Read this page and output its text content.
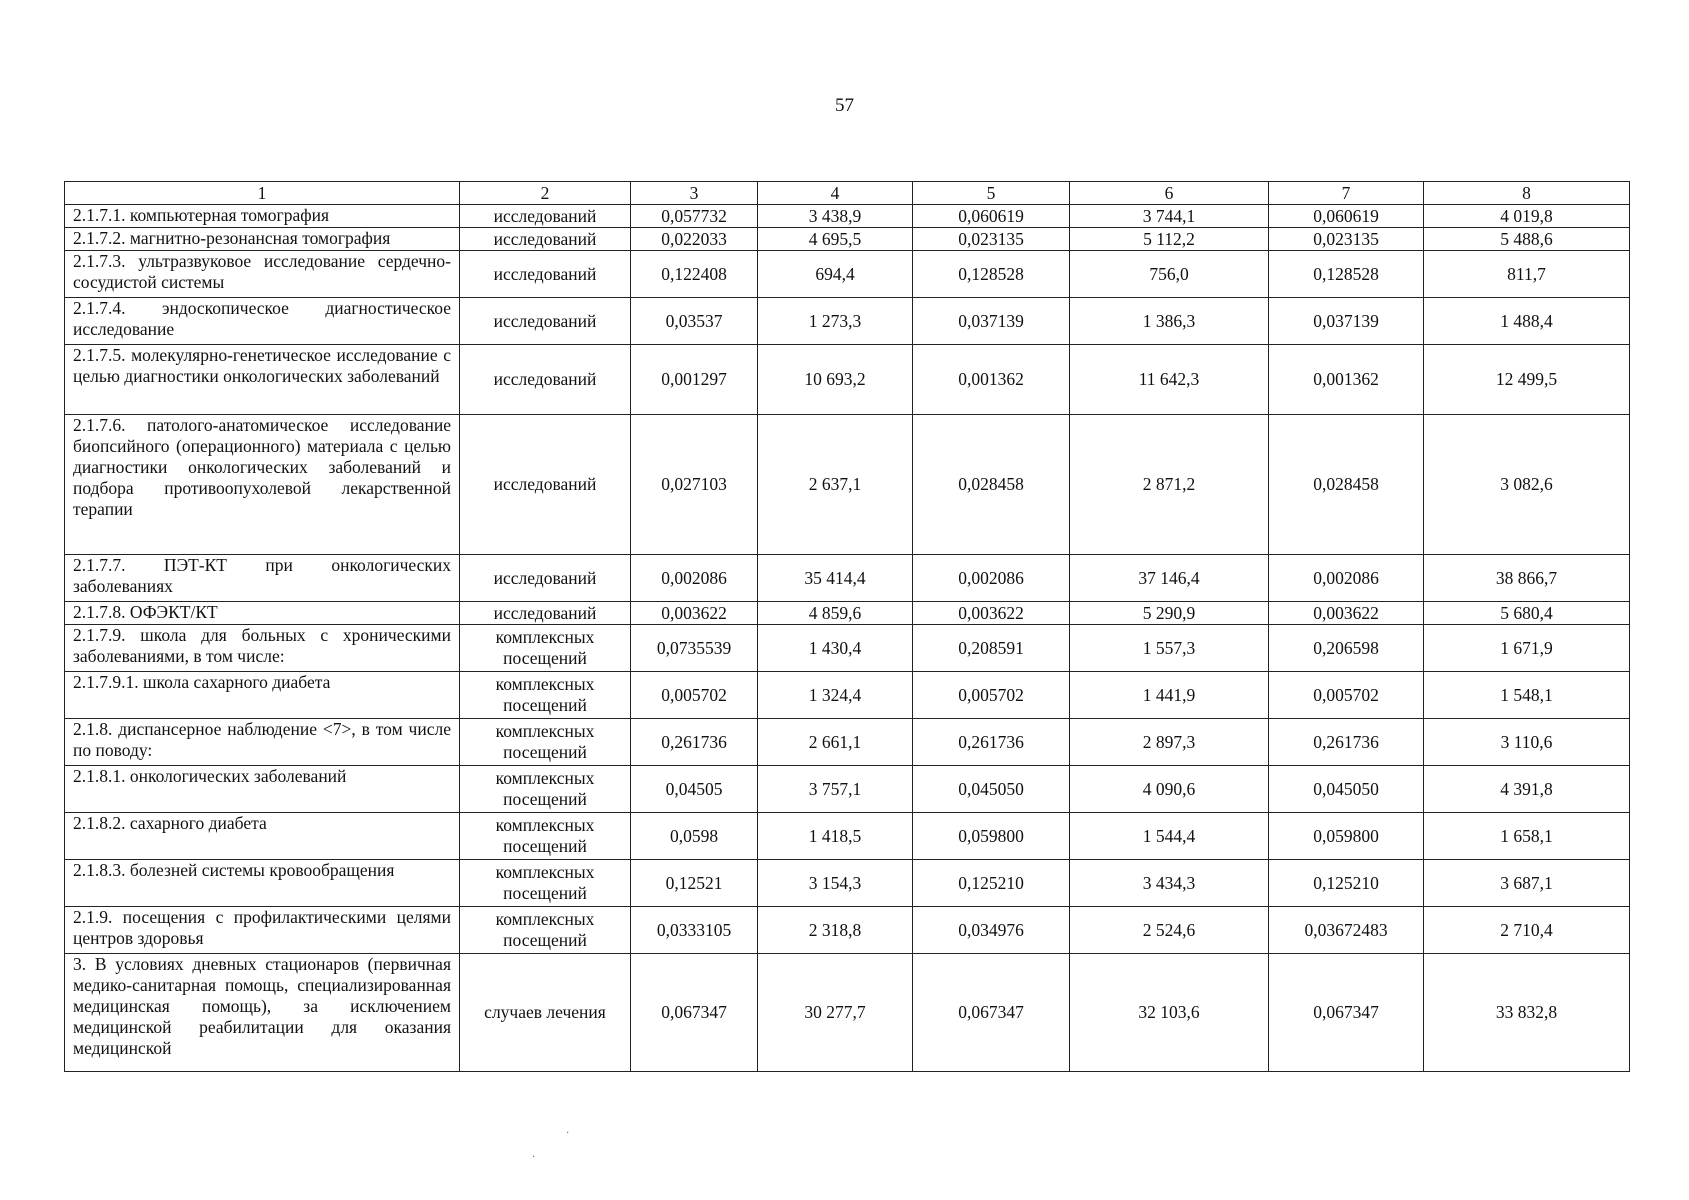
57
1	2	3	4	5	6	7	8
2.1.7.1. компьютерная томография	исследований	0,057732	3 438,9	0,060619	3 744,1	0,060619	4 019,8
2.1.7.2. магнитно-резонансная томография	исследований	0,022033	4 695,5	0,023135	5 112,2	0,023135	5 488,6
2.1.7.3. ультразвуковое исследование сердечно-сосудистой системы	исследований	0,122408	694,4	0,128528	756,0	0,128528	811,7
2.1.7.4. эндоскопическое диагностическое исследование	исследований	0,03537	1 273,3	0,037139	1 386,3	0,037139	1 488,4
2.1.7.5. молекулярно-генетическое исследование с целью диагностики онкологических заболеваний	исследований	0,001297	10 693,2	0,001362	11 642,3	0,001362	12 499,5
2.1.7.6. патолого-анатомическое исследование биопсийного (операционного) материала с целью диагностики онкологических заболеваний и подбора противоопухолевой лекарственной терапии	исследований	0,027103	2 637,1	0,028458	2 871,2	0,028458	3 082,6
2.1.7.7. ПЭТ-КТ при онкологических заболеваниях	исследований	0,002086	35 414,4	0,002086	37 146,4	0,002086	38 866,7
2.1.7.8. ОФЭКТ/КТ	исследований	0,003622	4 859,6	0,003622	5 290,9	0,003622	5 680,4
2.1.7.9. школа для больных с хроническими заболеваниями, в том числе:	комплексных посещений	0,0735539	1 430,4	0,208591	1 557,3	0,206598	1 671,9
2.1.7.9.1. школа сахарного диабета	комплексных посещений	0,005702	1 324,4	0,005702	1 441,9	0,005702	1 548,1
2.1.8. диспансерное наблюдение <7>, в том числе по поводу:	комплексных посещений	0,261736	2 661,1	0,261736	2 897,3	0,261736	3 110,6
2.1.8.1. онкологических заболеваний	комплексных посещений	0,04505	3 757,1	0,045050	4 090,6	0,045050	4 391,8
2.1.8.2. сахарного диабета	комплексных посещений	0,0598	1 418,5	0,059800	1 544,4	0,059800	1 658,1
2.1.8.3. болезней системы кровообращения	комплексных посещений	0,12521	3 154,3	0,125210	3 434,3	0,125210	3 687,1
2.1.9. посещения с профилактическими целями центров здоровья	комплексных посещений	0,0333105	2 318,8	0,034976	2 524,6	0,03672483	2 710,4
3. В условиях дневных стационаров (первичная медико-санитарная помощь, специализированная медицинская помощь), за исключением медицинской реабилитации для оказания медицинской	случаев лечения	0,067347	30 277,7	0,067347	32 103,6	0,067347	33 832,8
·
·
